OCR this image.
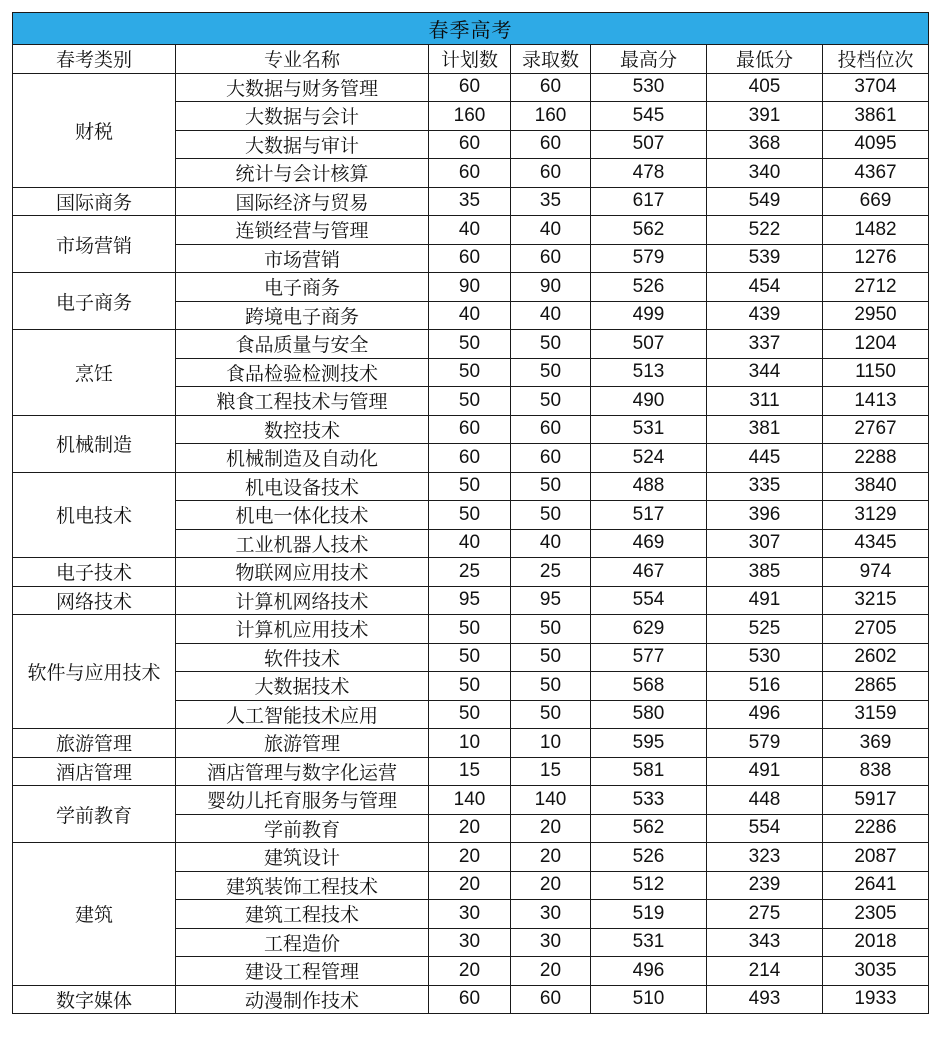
春季高考						
春考类别	专业名称	计划数	录取数	最高分	最低分	投档位次
财税	大数据与财务管理	60	60	530	405	3704
	大数据与会计	160	160	545	391	3861
	大数据与审计	60	60	507	368	4095
	统计与会计核算	60	60	478	340	4367
国际商务	国际经济与贸易	35	35	617	549	669
市场营销	连锁经营与管理	40	40	562	522	1482
	市场营销	60	60	579	539	1276
电子商务	电子商务	90	90	526	454	2712
	跨境电子商务	40	40	499	439	2950
烹饪	食品质量与安全	50	50	507	337	1204
	食品检验检测技术	50	50	513	344	1150
	粮食工程技术与管理	50	50	490	311	1413
机械制造	数控技术	60	60	531	381	2767
	机械制造及自动化	60	60	524	445	2288
机电技术	机电设备技术	50	50	488	335	3840
	机电一体化技术	50	50	517	396	3129
	工业机器人技术	40	40	469	307	4345
电子技术	物联网应用技术	25	25	467	385	974
网络技术	计算机网络技术	95	95	554	491	3215
软件与应用技术	计算机应用技术	50	50	629	525	2705
	软件技术	50	50	577	530	2602
	大数据技术	50	50	568	516	2865
	人工智能技术应用	50	50	580	496	3159
旅游管理	旅游管理	10	10	595	579	369
酒店管理	酒店管理与数字化运营	15	15	581	491	838
学前教育	婴幼儿托育服务与管理	140	140	533	448	5917
	学前教育	20	20	562	554	2286
建筑	建筑设计	20	20	526	323	2087
	建筑装饰工程技术	20	20	512	239	2641
	建筑工程技术	30	30	519	275	2305
	工程造价	30	30	531	343	2018
	建设工程管理	20	20	496	214	3035
数字媒体	动漫制作技术	60	60	510	493	1933
